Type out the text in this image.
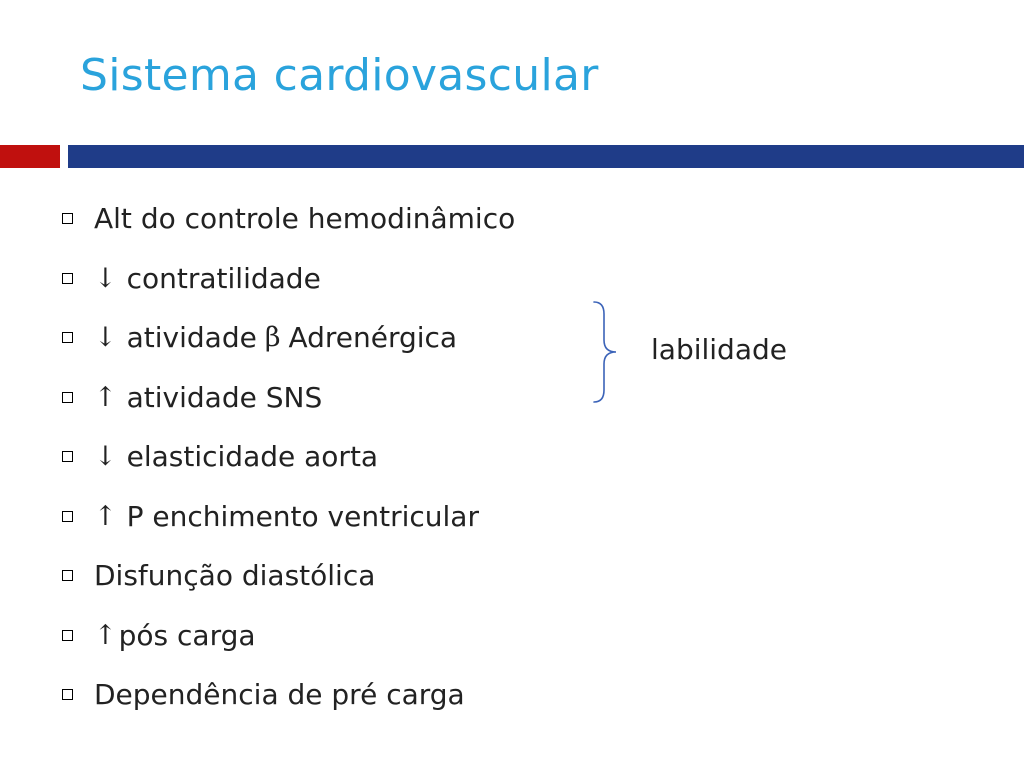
Sistema cardiovascular
Alt do controle hemodinâmico
↓ contratilidade
↓ atividade β Adrenérgica
↑ atividade SNS
↓ elasticidade aorta
↑ P enchimento ventricular
Disfunção diastólica
↑ pós carga
Dependência de pré carga
labilidade
